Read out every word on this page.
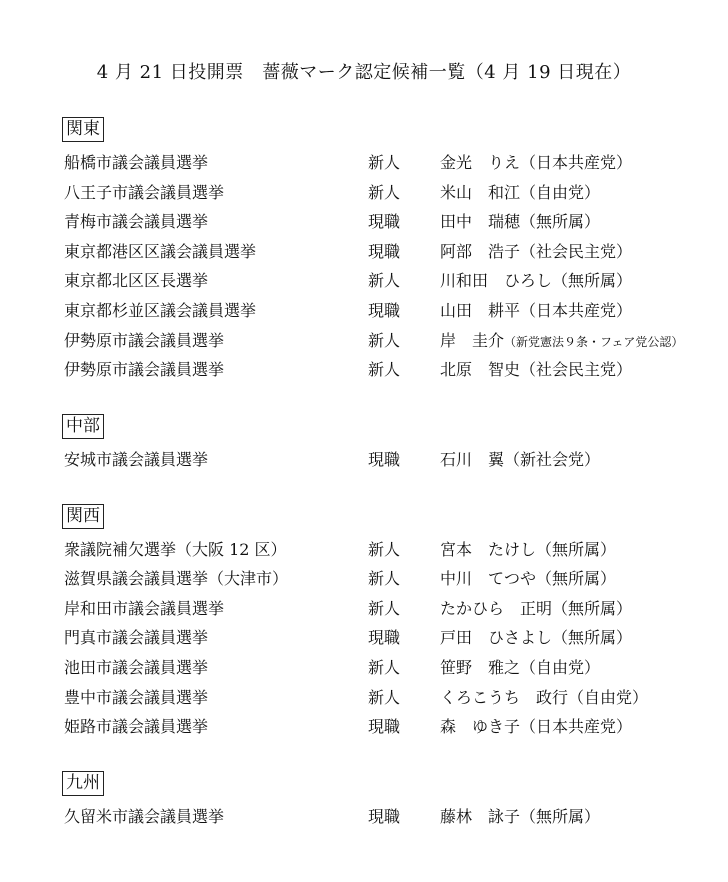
4 月 21 日投開票　薔薇マーク認定候補一覧（4 月 19 日現在）
関東
船橋市議会議員選挙	新人 金光　りえ（日本共産党）
八王子市議会議員選挙	新人 米山　和江（自由党）
青梅市議会議員選挙	現職 田中　瑞穂（無所属）
東京都港区区議会議員選挙	現職 阿部　浩子（社会民主党）
東京都北区区長選挙	新人 川和田　ひろし（無所属）
東京都杉並区議会議員選挙	現職 山田　耕平（日本共産党）
伊勢原市議会議員選挙	新人 岸　圭介（新党憲法９条・フェア党公認）
伊勢原市議会議員選挙	新人 北原　智史（社会民主党）
中部
安城市議会議員選挙	現職 石川　翼（新社会党）
関西
衆議院補欠選挙（大阪 12 区）	新人 宮本　たけし（無所属）
滋賀県議会議員選挙（大津市）	新人 中川　てつや（無所属）
岸和田市議会議員選挙	新人 たかひら　正明（無所属）
門真市議会議員選挙	現職 戸田　ひさよし（無所属）
池田市議会議員選挙	新人 笹野　雅之（自由党）
豊中市議会議員選挙	新人 くろこうち　政行（自由党）
姫路市議会議員選挙	現職 森　ゆき子（日本共産党）
九州
久留米市議会議員選挙	現職 藤林　詠子（無所属）
